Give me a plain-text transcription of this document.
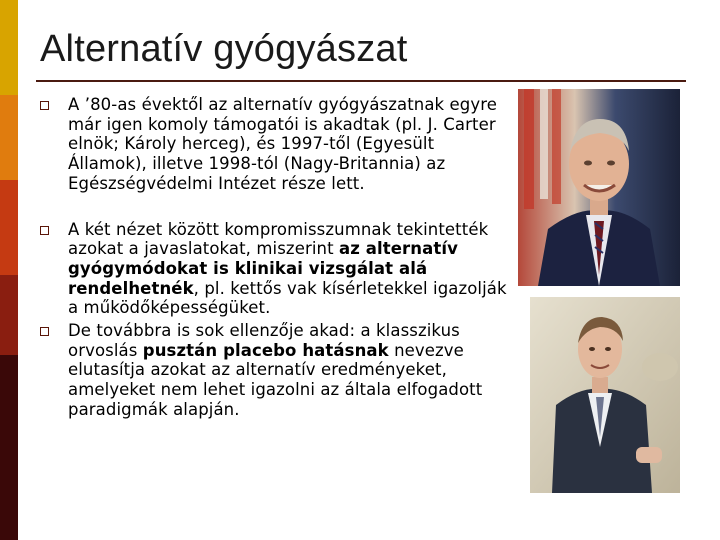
Alternatív gyógyászat
A ’80-as évektől az alternatív gyógyászatnak egyre már igen komoly támogatói is akadtak (pl. J. Carter elnök; Károly herceg), és 1997-től (Egyesült Államok), illetve 1998-tól (Nagy-Britannia) az Egészségvédelmi Intézet része lett.
A két nézet között kompromisszumnak tekintették azokat a javaslatokat, miszerint az alternatív gyógymódokat is klinikai vizsgálat alá rendelhetnék, pl. kettős vak kísérletekkel igazolják a működőképességüket.
De továbbra is sok ellenzője akad: a klasszikus orvoslás pusztán placebo hatásnak nevezve elutasítja azokat az alternatív eredményeket, amelyeket nem lehet igazolni az általa elfogadott paradigmák alapján.
